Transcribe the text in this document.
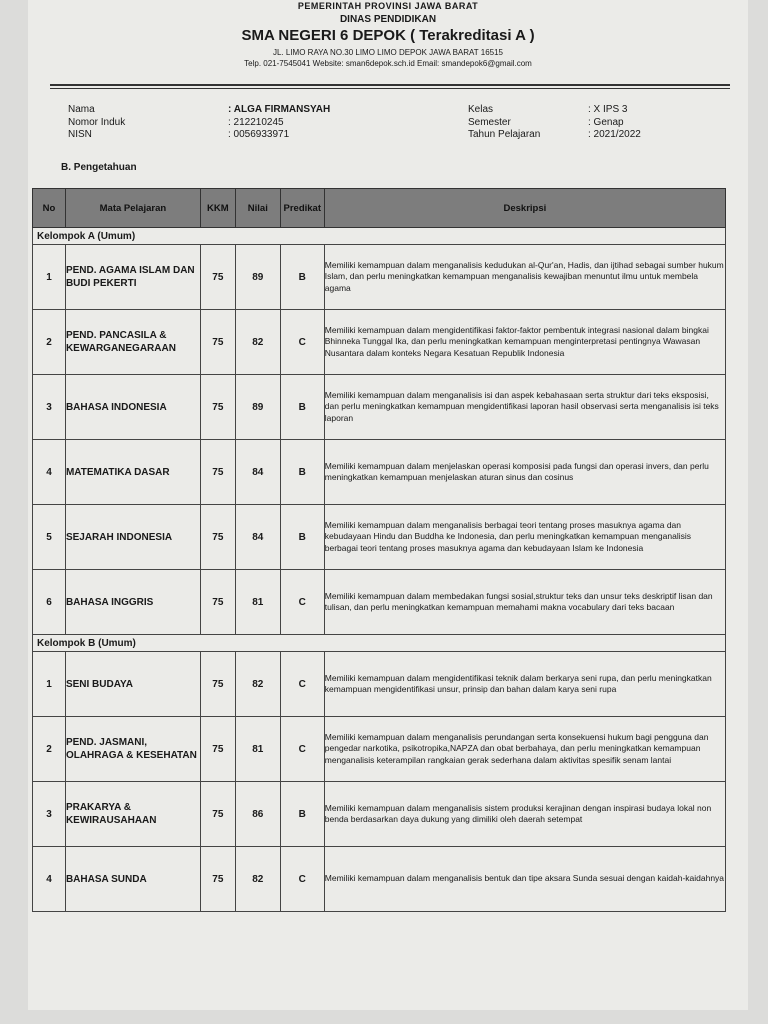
PEMERINTAH PROVINSI JAWA BARAT
DINAS PENDIDIKAN
SMA NEGERI 6 DEPOK ( Terakreditasi A )
JL. LIMO RAYA NO.30 LIMO LIMO DEPOK JAWA BARAT 16515
Telp. 021-7545041 Website: sman6depok.sch.id Email: smandepok6@gmail.com
Nama	: ALGA FIRMANSYAH
Nomor Induk	: 212210245
NISN	: 0056933971
Kelas	: X IPS 3
Semester	: Genap
Tahun Pelajaran	: 2021/2022
B. Pengetahuan
No	Mata Pelajaran	KKM	Nilai	Predikat	Deskripsi
Kelompok A (Umum)					
1	PEND. AGAMA ISLAM DAN BUDI PEKERTI	75	89	B	Memiliki kemampuan dalam menganalisis kedudukan al-Qur'an, Hadis, dan ijtihad sebagai sumber hukum Islam, dan perlu meningkatkan kemampuan menganalisis kewajiban menuntut ilmu untuk membela agama
2	PEND. PANCASILA & KEWARGANEGARAAN	75	82	C	Memiliki kemampuan dalam mengidentifikasi faktor-faktor pembentuk integrasi nasional dalam bingkai Bhinneka Tunggal Ika, dan perlu meningkatkan kemampuan menginterpretasi pentingnya Wawasan Nusantara dalam konteks Negara Kesatuan Republik Indonesia
3	BAHASA INDONESIA	75	89	B	Memiliki kemampuan dalam menganalisis isi dan aspek kebahasaan serta struktur dari teks eksposisi, dan perlu meningkatkan kemampuan mengidentifikasi laporan hasil observasi serta menganalisis isi teks laporan
4	MATEMATIKA DASAR	75	84	B	Memiliki kemampuan dalam menjelaskan operasi komposisi pada fungsi dan operasi invers, dan perlu meningkatkan kemampuan menjelaskan aturan sinus dan cosinus
5	SEJARAH INDONESIA	75	84	B	Memiliki kemampuan dalam menganalisis berbagai teori tentang proses masuknya agama dan kebudayaan Hindu dan Buddha ke Indonesia, dan perlu meningkatkan kemampuan menganalisis berbagai teori tentang proses masuknya agama dan kebudayaan Islam ke Indonesia
6	BAHASA INGGRIS	75	81	C	Memiliki kemampuan dalam membedakan fungsi sosial,struktur teks dan unsur teks deskriptif lisan dan tulisan, dan perlu meningkatkan kemampuan memahami makna vocabulary dari teks bacaan
Kelompok B (Umum)					
1	SENI BUDAYA	75	82	C	Memiliki kemampuan dalam mengidentifikasi teknik dalam berkarya seni rupa, dan perlu meningkatkan kemampuan mengidentifikasi unsur, prinsip dan bahan dalam karya seni rupa
2	PEND. JASMANI, OLAHRAGA & KESEHATAN	75	81	C	Memiliki kemampuan dalam menganalisis perundangan serta konsekuensi hukum bagi pengguna dan pengedar narkotika, psikotropika,NAPZA dan obat berbahaya, dan perlu meningkatkan kemampuan menganalisis keterampilan rangkaian gerak sederhana dalam aktivitas spesifik senam lantai
3	PRAKARYA & KEWIRAUSAHAAN	75	86	B	Memiliki kemampuan dalam menganalisis sistem produksi kerajinan dengan inspirasi budaya lokal non benda berdasarkan daya dukung yang dimiliki oleh daerah setempat
4	BAHASA SUNDA	75	82	C	Memiliki kemampuan dalam menganalisis bentuk dan tipe aksara Sunda sesuai dengan kaidah-kaidahnya
